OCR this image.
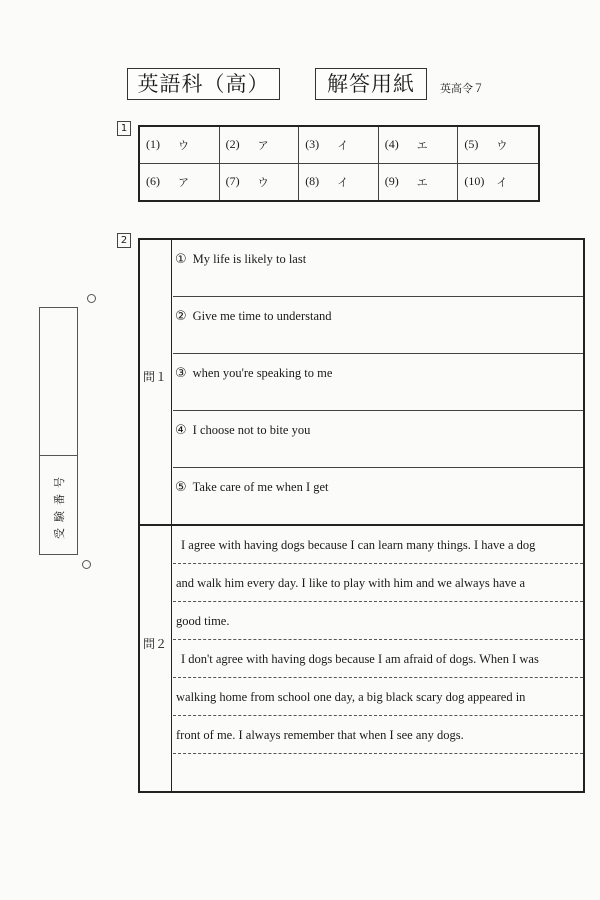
英語科（高）	解答用紙	英高令７
受験番号
1
(1)	ウ	(2)	ア	(3)	イ	(4)	エ	(5)	ウ
(6)	ア	(7)	ウ	(8)	イ	(9)	エ	(10)	イ
2
問１
① My life is likely to last
② Give me time to understand
③ when you're speaking to me
④ I choose not to bite you
⑤ Take care of me when I get
問２
I agree with having dogs because I can learn many things. I have a dog
and walk him every day. I like to play with him and we always have a
good time.
I don't agree with having dogs because I am afraid of dogs. When I was
walking home from school one day, a big black scary dog appeared in
front of me. I always remember that when I see any dogs.
